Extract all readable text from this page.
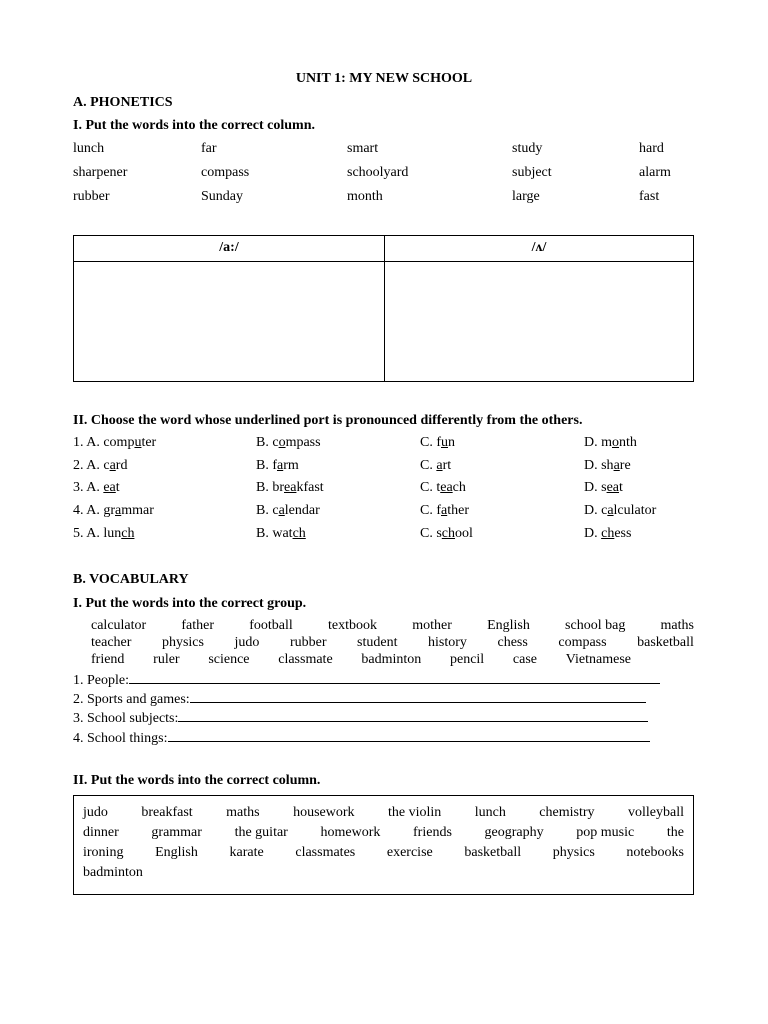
UNIT 1: MY NEW SCHOOL
A. PHONETICS
I. Put the words into the correct column.
lunch	far	smart	study	hard
sharpener	compass	schoolyard	subject	alarm
rubber	Sunday	month	large	fast
/a:/	/ʌ/
II. Choose the word whose underlined port is pronounced differently from the others.
1. A. computer	B. compass	C. fun	D. month
2. A. card	B. farm	C. art	D. share
3. A. eat	B. breakfast	C. teach	D. seat
4. A. grammar	B. calendar	C. father	D. calculator
5. A. lunch	B. watch	C. school	D. chess
B. VOCABULARY
I. Put the words into the correct group.
calculator	father	football	textbook	mother	English	school bag	maths
teacher physics judo rubber student history chess compass basketball
friend ruler science classmate badminton pencil case Vietnamese
1. People:
2. Sports and games:
3. School subjects:
4. School things:
II. Put the words into the correct column.
judo breakfast maths housework the violin lunch chemistry volleyball
dinner grammar the guitar homework friends geography pop music the
ironing English karate classmates exercise basketball physics notebooks
badminton
